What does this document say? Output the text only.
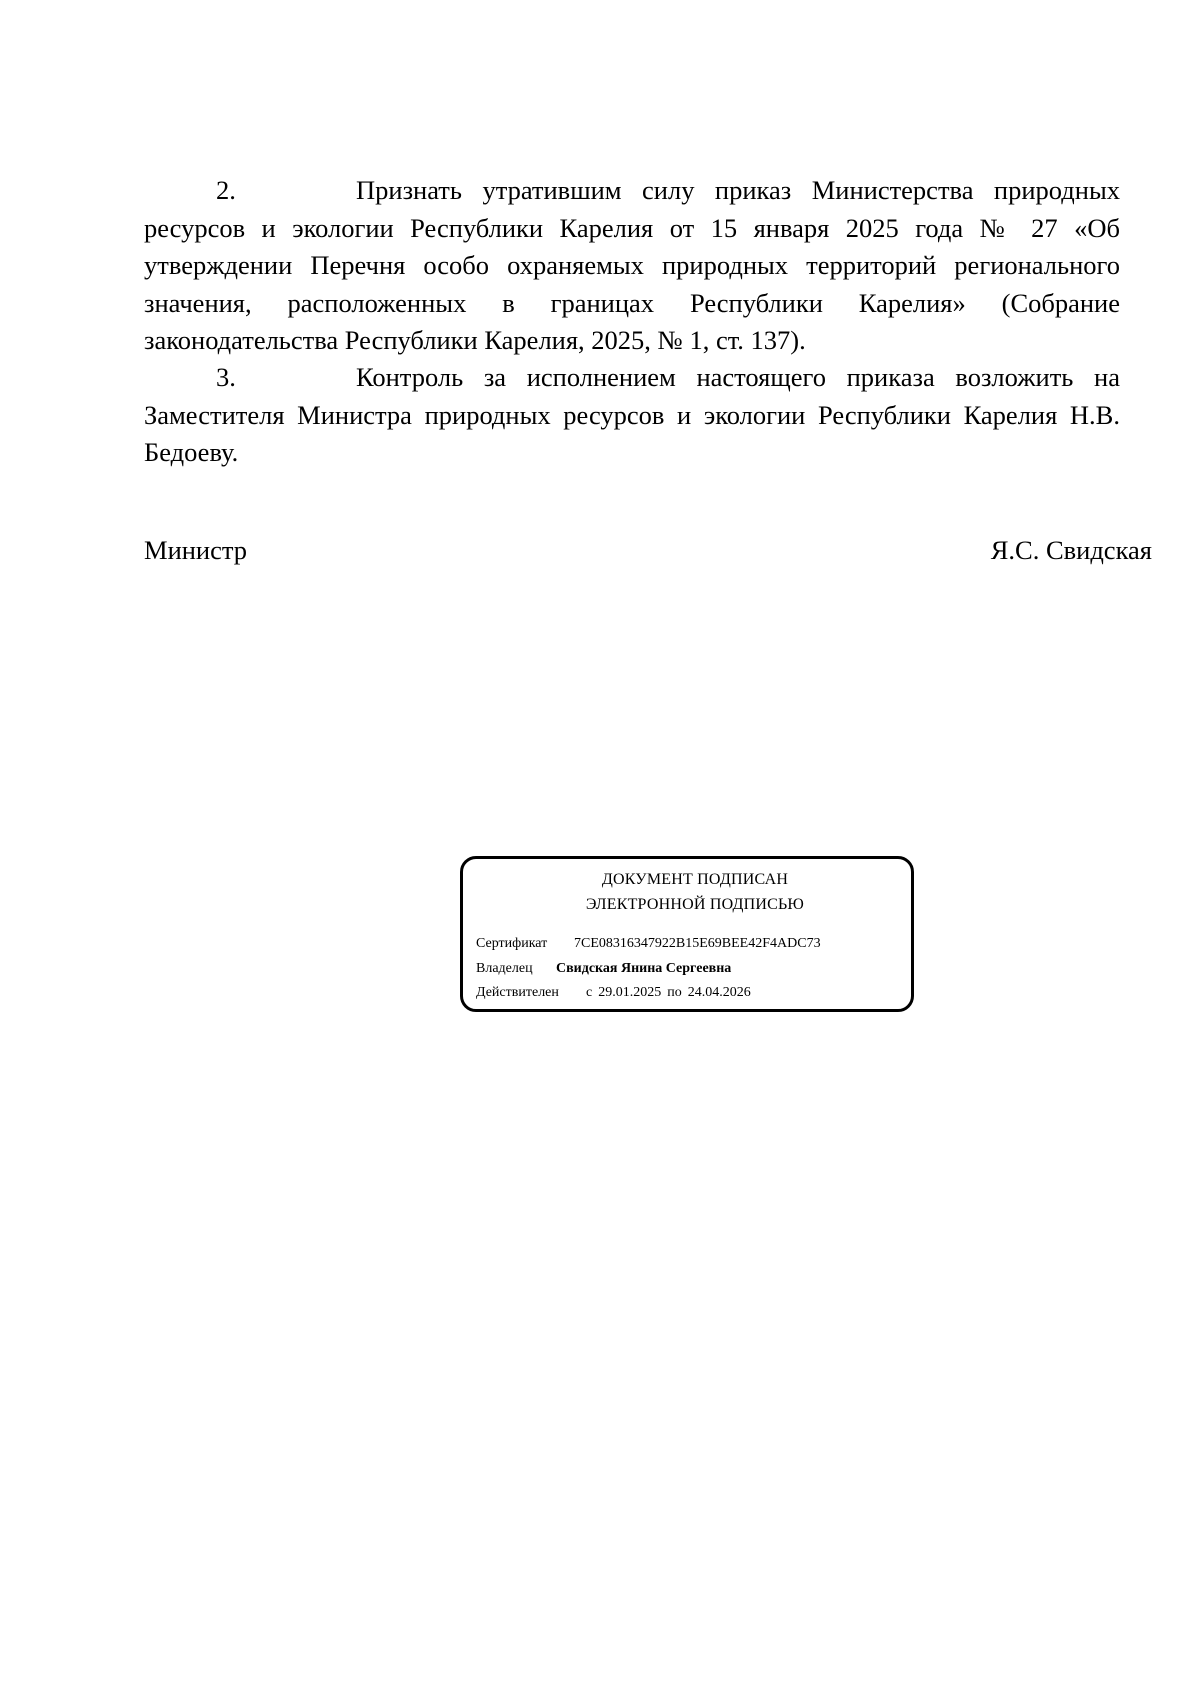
2.	Признать утратившим силу приказ Министерства природных ресурсов и экологии Республики Карелия от 15 января 2025 года № 27 «Об утверждении Перечня особо охраняемых природных территорий регионального значения, расположенных в границах Республики Карелия» (Собрание законодательства Республики Карелия, 2025, № 1, ст. 137).

3.	Контроль за исполнением настоящего приказа возложить на Заместителя Министра природных ресурсов и экологии Республики Карелия Н.В. Бедоеву.

Министр	Я.С. Свидская
ДОКУМЕНТ ПОДПИСАН
ЭЛЕКТРОННОЙ ПОДПИСЬЮ
Сертификат 7CE08316347922B15E69BEE42F4ADC73
Владелец Свидская Янина Сергеевна
Действителен с 29.01.2025 по 24.04.2026
